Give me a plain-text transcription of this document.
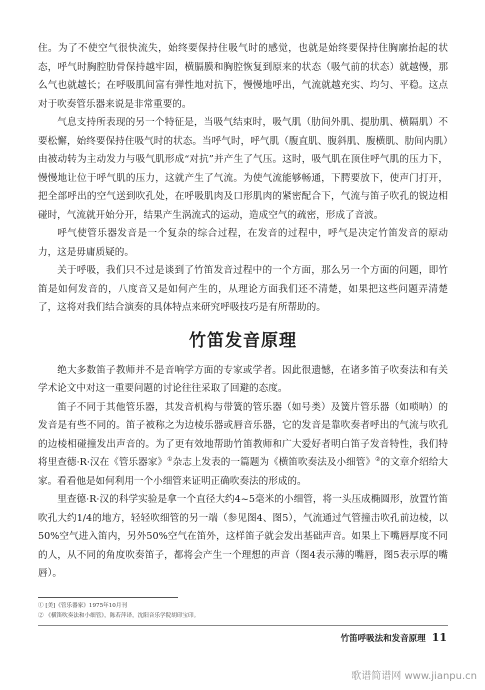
住。为了不使空气很快流失，始终要保持住吸气时的感觉，也就是始终要保持住胸廓抬起的状态，呼气时胸腔肋骨保持越牢固，横膈膜和胸腔恢复到原来的状态（吸气前的状态）就越慢，那么气也就越长；在呼吸肌间富有弹性地对抗下，慢慢地呼出，气流就越充实、均匀、平稳。这点对于吹奏管乐器来说是非常重要的。

气息支持所表现的另一个特征是，当吸气结束时，吸气肌（肋间外肌、提肋肌、横隔肌）不要松懈，始终要保持住吸气时的状态。当呼气时，呼气肌（腹直肌、腹斜肌、腹横肌、肋间内肌）由被动转为主动发力与吸气肌形成“对抗”并产生了气压。这时，吸气肌在顶住呼气肌的压力下，慢慢地让位于呼气肌的压力，这就产生了气流。为使气流能够畅通，下腭要放下，使声门打开，把全部呼出的空气送到吹孔处，在呼吸肌肉及口形肌肉的紧密配合下，气流与笛子吹孔的锐边相碰时，气流就开始分开，结果产生涡流式的运动，造成空气的疏密，形成了音波。

呼气使管乐器发音是一个复杂的综合过程，在发音的过程中，呼气是决定竹笛发音的原动力，这是毋庸质疑的。

关于呼吸，我们只不过是谈到了竹笛发音过程中的一个方面，那么另一个方面的问题，即竹笛是如何发音的，八度音又是如何产生的，从理论方面我们还不清楚，如果把这些问题弄清楚了，这将对我们结合演奏的具体特点来研究呼吸技巧是有所帮助的。

竹笛发音原理

绝大多数笛子教师并不是音响学方面的专家或学者。因此很遗憾，在诸多笛子吹奏法和有关学术论文中对这一重要问题的讨论往往采取了回避的态度。

笛子不同于其他管乐器，其发音机构与带簧的管乐器（如号类）及簧片管乐器（如唢呐）的发音是有些不同的。笛子被称之为边棱乐器或唇音乐器，它的发音是靠吹奏者呼出的气流与吹孔的边棱相碰撞发出声音的。为了更有效地帮助竹笛教师和广大爱好者明白笛子发音特性，我们特将里查德·R·汉在《管乐器家》①杂志上发表的一篇题为《横笛吹奏法及小细管》②的文章介绍给大家。看看他是如何利用一个小细管来证明正确吹奏法的形成的。

里查德·R·汉的科学实验是拿一个直径大约4~5毫米的小细管，将一头压成椭圆形，放置竹笛吹孔大约1/4的地方，轻轻吹细管的另一端（参见图4、图5），气流通过气管撞击吹孔前边棱，以50%空气进入笛内，另外50%空气在笛外，这样笛子就会发出基础声音。如果上下嘴唇厚度不同的人，从不同的角度吹奏笛子，都将会产生一个理想的声音（图4表示薄的嘴唇，图5表示厚的嘴唇）。

① [美]《管乐器家》1975年10月刊

② 《横笛吹奏法和小细管》，陈若萍译，沈阳音乐学院胡印宝印。

竹笛呼吸法和发音原理 11
歌谱简谱网 www.jianpu.cn
